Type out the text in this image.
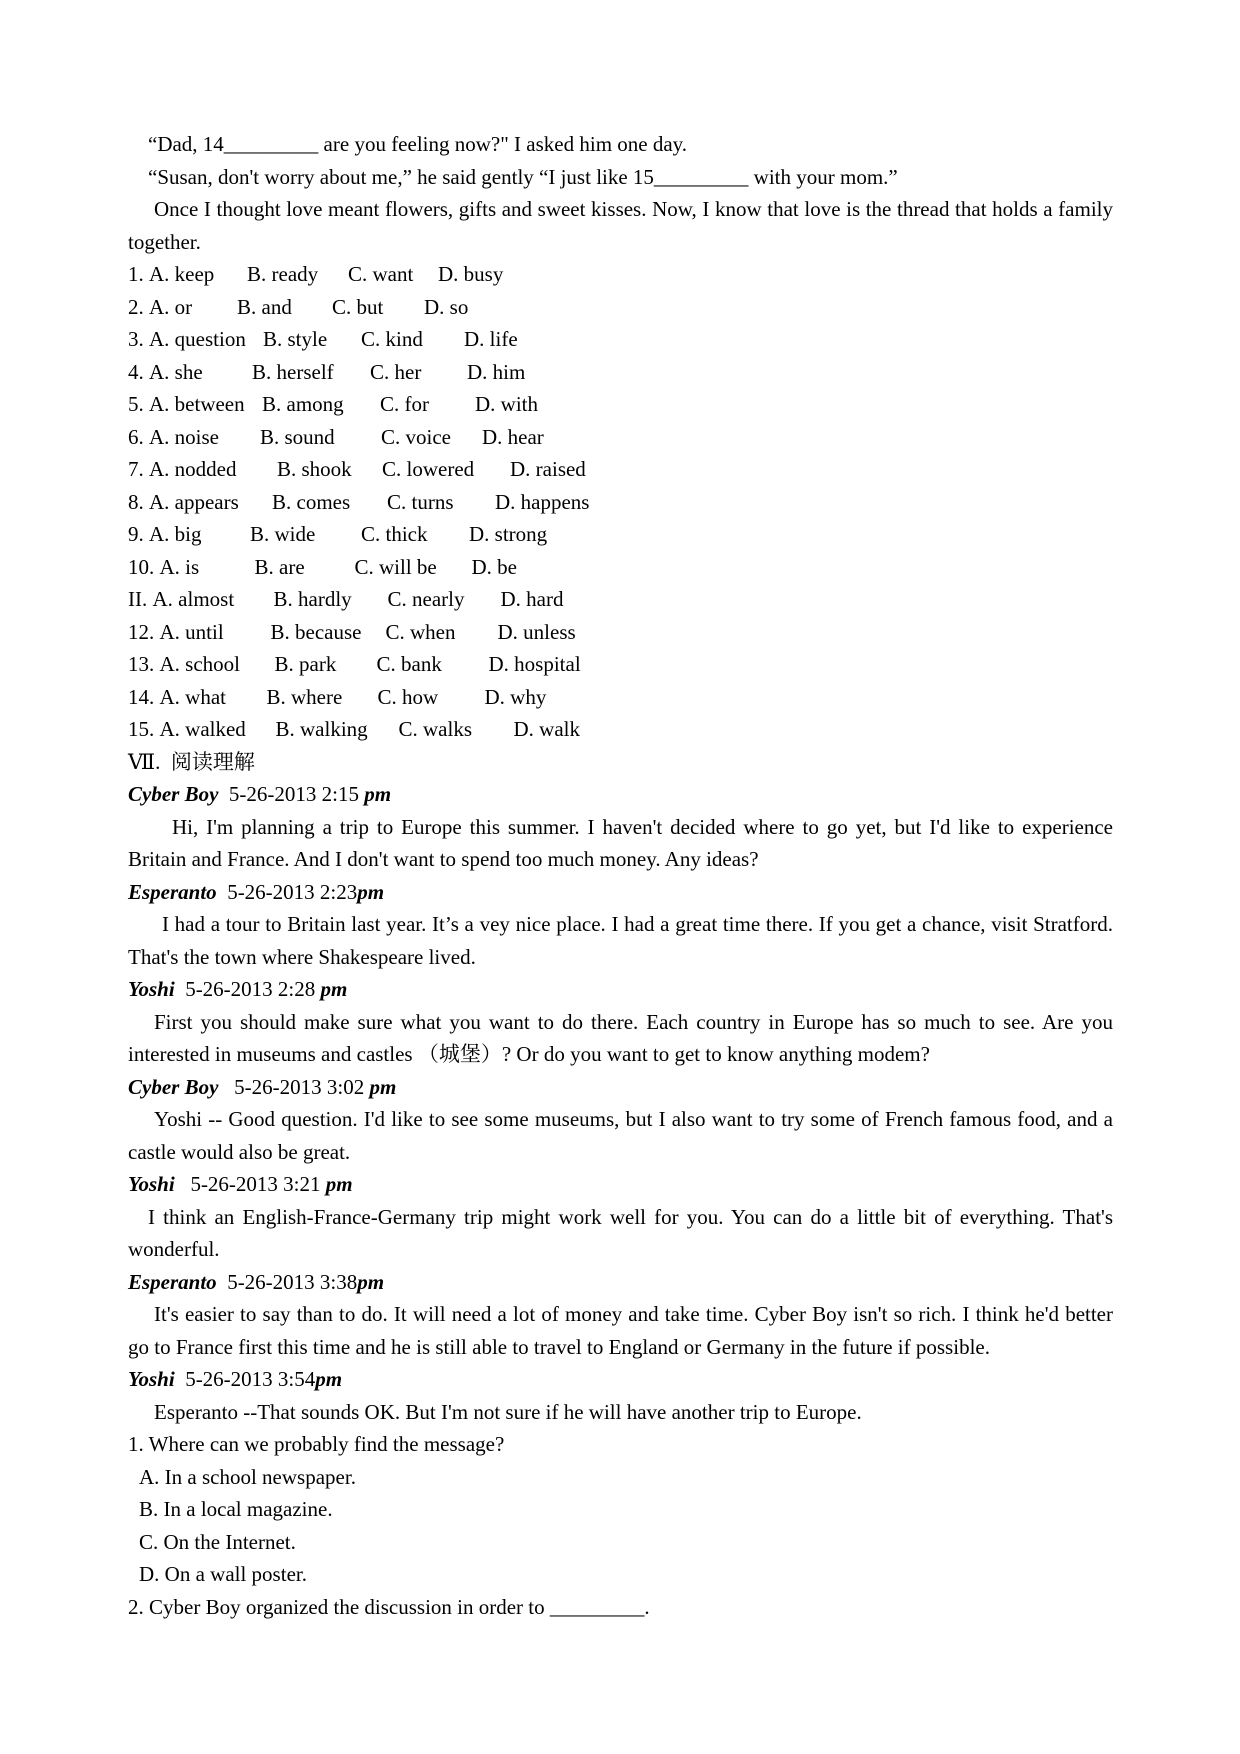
“Dad, 14_________ are you feeling now?" I asked him one day.

“Susan, don't worry about me,” he said gently “I just like 15_________ with your mom.”

Once I thought love meant flowers, gifts and sweet kisses. Now, I know that love is the thread that holds a family together.

1.
A. keep	B. ready	C. want	D. busy
2.
A. or	B. and	C. but	D. so
3.
A. question B. style	C. kind	D. life
4.
A. she	B. herself	C. her	D. him
5.
A. between B. among	C. for	D. with
6.
A. noise	B. sound	C. voice	D. hear
7.
A. nodded	B. shook	C. lowered	D. raised
8.
A. appears	B. comes	C. turns	D. happens
9.
A. big	B. wide	C. thick	D. strong
10.
A. is	B. are	C. will be	D. be
II.
A. almost	B. hardly	C. nearly	D. hard
12.
A. until	B. because	C. when	D. unless
13.
A. school	B. park	C. bank	D. hospital
14.
A. what	B. where	C. how	D. why
15.
A. walked	B. walking	C. walks	D. walk
Ⅶ.  阅读理解
Cyber Boy 5-26-2013 2:15 pm

Hi, I'm planning a trip to Europe this summer. I haven't decided where to go yet, but I'd like to experience Britain and France. And I don't want to spend too much money. Any ideas?

Esperanto 5-26-2013 2:23pm

I had a tour to Britain last year. It’s a vey nice place. I had a great time there. If you get a chance, visit Stratford. That's the town where Shakespeare lived.

Yoshi 5-26-2013 2:28 pm

First you should make sure what you want to do there. Each country in Europe has so much to see. Are you interested in museums and castles （城堡）? Or do you want to get to know anything modem?

Cyber Boy 5-26-2013 3:02 pm

Yoshi -- Good question. I'd like to see some museums, but I also want to try some of French famous food, and a castle would also be great.

Yoshi 5-26-2013 3:21 pm

I think an English-France-Germany trip might work well for you. You can do a little bit of everything. That's wonderful.

Esperanto 5-26-2013 3:38pm

It's easier to say than to do. It will need a lot of money and take time. Cyber Boy isn't so rich. I think he'd better go to France first this time and he is still able to travel to England or Germany in the future if possible.

Yoshi 5-26-2013 3:54pm

Esperanto --That sounds OK. But I'm not sure if he will have another trip to Europe.

1. Where can we probably find the message?
A. In a school newspaper.
B. In a local magazine.
C. On the Internet.
D. On a wall poster.
2. Cyber Boy organized the discussion in order to _________.
